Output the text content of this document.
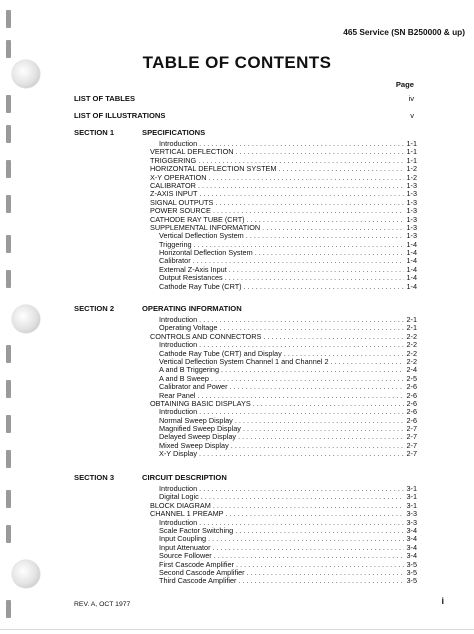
465 Service (SN B250000 & up)
TABLE OF CONTENTS
Page
LIST OF TABLES	iv
LIST OF ILLUSTRATIONS	v
SECTION 1	SPECIFICATIONS
Introduction . . .	1-1
VERTICAL DEFLECTION . . .	1-1
TRIGGERING . . .	1-1
HORIZONTAL DEFLECTION SYSTEM . . .	1-2
X-Y OPERATION . . .	1-2
CALIBRATOR . . .	1-3
Z-AXIS INPUT . . .	1-3
SIGNAL OUTPUTS . . .	1-3
POWER SOURCE . . .	1-3
CATHODE RAY TUBE (CRT) . . .	1-3
SUPPLEMENTAL INFORMATION . . .	1-3
Vertical Deflection System . . .	1-3
Triggering . . .	1-4
Horizontal Deflection System . . .	1-4
Calibrator . . .	1-4
External Z-Axis Input . . .	1-4
Output Resistances . . .	1-4
Cathode Ray Tube (CRT) . . .	1-4
SECTION 2	OPERATING INFORMATION
Introduction . . .	2-1
Operating Voltage . . .	2-1
CONTROLS AND CONNECTORS . . .	2-2
Introduction . . .	2-2
Cathode Ray Tube (CRT) and Display . . .	2-2
Vertical Deflection System Channel 1 and Channel 2 . . .	2-2
A and B Triggering . . .	2-4
A and B Sweep . . .	2-5
Calibrator and Power . . .	2-6
Rear Panel . . .	2-6
OBTAINING BASIC DISPLAYS . . .	2-6
Introduction . . .	2-6
Normal Sweep Display . . .	2-6
Magnified Sweep Display . . .	2-7
Delayed Sweep Display . . .	2-7
Mixed Sweep Display . . .	2-7
X-Y Display . . .	2-7
SECTION 3	CIRCUIT DESCRIPTION
Introduction . . .	3-1
Digital Logic . . .	3-1
BLOCK DIAGRAM . . .	3-1
CHANNEL 1 PREAMP . . .	3-3
Introduction . . .	3-3
Scale Factor Switching . . .	3-4
Input Coupling . . .	3-4
Input Attenuator . . .	3-4
Source Follower . . .	3-4
First Cascode Amplifier . . .	3-5
Second Cascode Amplifier . . .	3-5
Third Cascode Amplifier . . .	3-5
REV. A, OCT 1977	i
